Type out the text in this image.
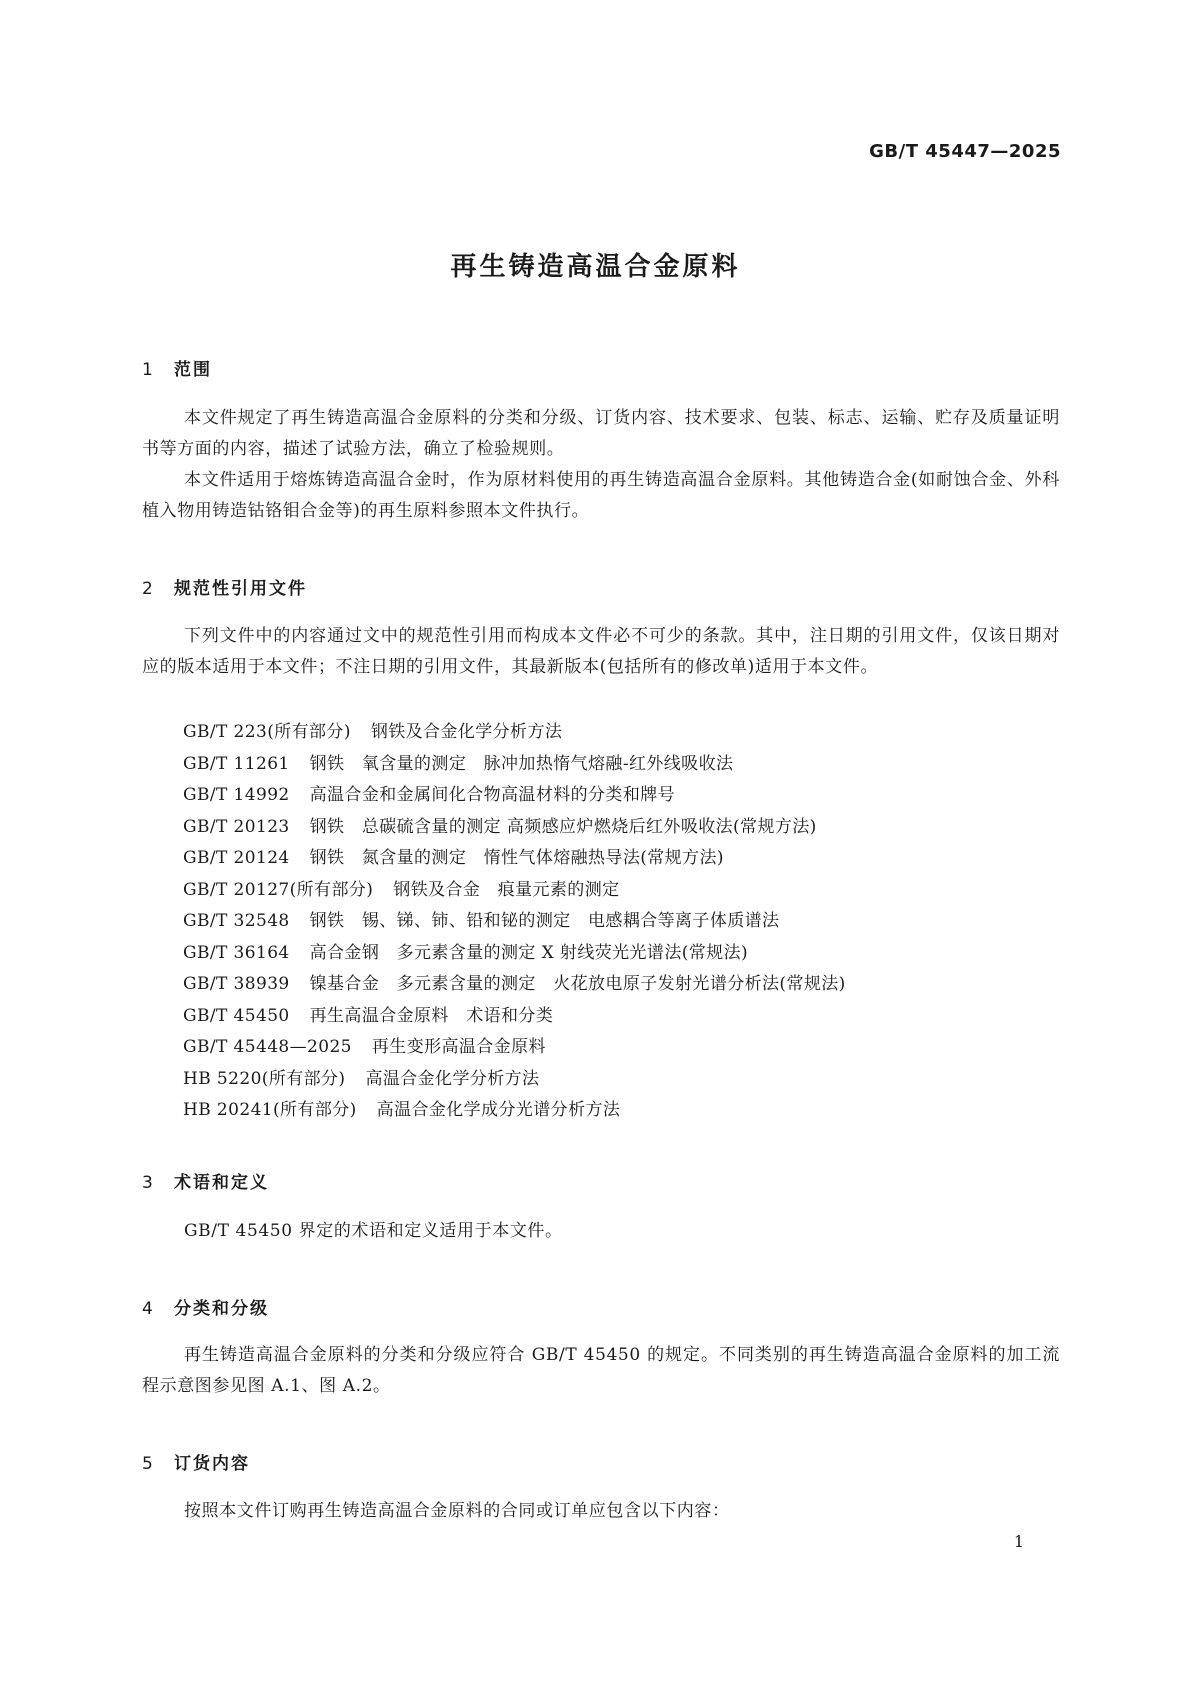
GB/T 45447—2025
再生铸造高温合金原料
1 范围

本文件规定了再生铸造高温合金原料的分类和分级、订货内容、技术要求、包装、标志、运输、贮存及质量证明书等方面的内容，描述了试验方法，确立了检验规则。

本文件适用于熔炼铸造高温合金时，作为原材料使用的再生铸造高温合金原料。其他铸造合金(如耐蚀合金、外科植入物用铸造钴铬钼合金等)的再生原料参照本文件执行。

2 规范性引用文件

下列文件中的内容通过文中的规范性引用而构成本文件必不可少的条款。其中，注日期的引用文件，仅该日期对应的版本适用于本文件；不注日期的引用文件，其最新版本(包括所有的修改单)适用于本文件。

GB/T 223(所有部分) 钢铁及合金化学分析方法
GB/T 11261 钢铁　氧含量的测定　脉冲加热惰气熔融-红外线吸收法
GB/T 14992 高温合金和金属间化合物高温材料的分类和牌号
GB/T 20123 钢铁　总碳硫含量的测定 高频感应炉燃烧后红外吸收法(常规方法)
GB/T 20124 钢铁　氮含量的测定　惰性气体熔融热导法(常规方法)
GB/T 20127(所有部分) 钢铁及合金　痕量元素的测定
GB/T 32548 钢铁　锡、锑、铈、铅和铋的测定　电感耦合等离子体质谱法
GB/T 36164 高合金钢　多元素含量的测定 X 射线荧光光谱法(常规法)
GB/T 38939 镍基合金　多元素含量的测定　火花放电原子发射光谱分析法(常规法)
GB/T 45450 再生高温合金原料　术语和分类
GB/T 45448—2025 再生变形高温合金原料
HB 5220(所有部分) 高温合金化学分析方法
HB 20241(所有部分) 高温合金化学成分光谱分析方法
3 术语和定义

GB/T 45450 界定的术语和定义适用于本文件。

4 分类和分级

再生铸造高温合金原料的分类和分级应符合 GB/T 45450 的规定。不同类别的再生铸造高温合金原料的加工流程示意图参见图 A.1、图 A.2。

5 订货内容

按照本文件订购再生铸造高温合金原料的合同或订单应包含以下内容：

1
